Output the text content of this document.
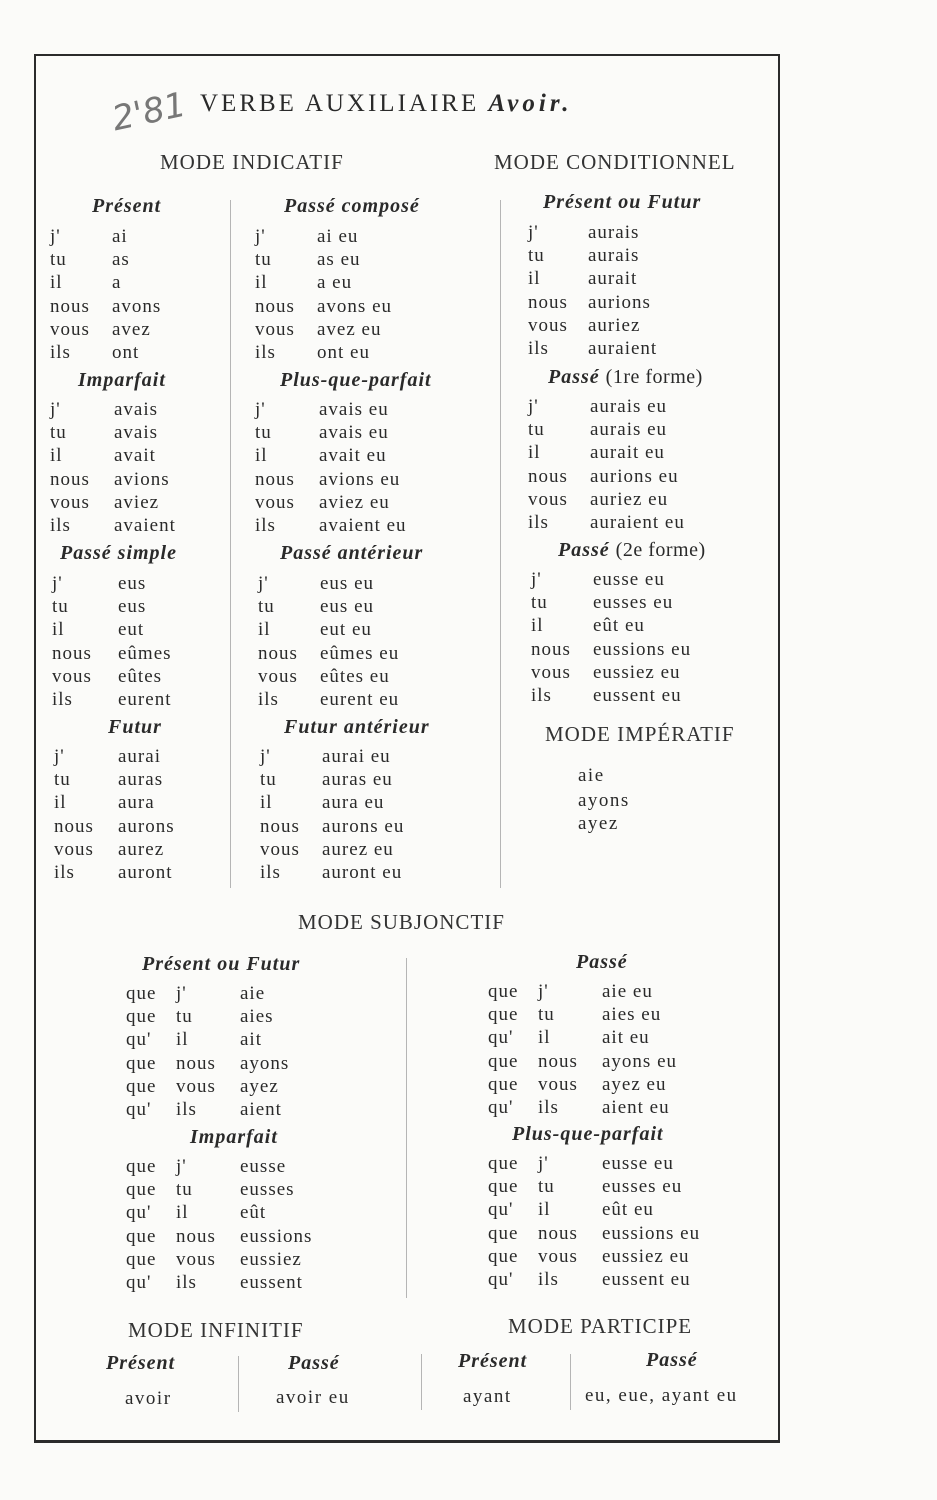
2'81 VERBE AUXILIAIRE Avoir.
MODE INDICATIF	MODE CONDITIONNEL
Présent
Imparfait
Passé simple
Futur
Passé composé
Plus-que-parfait
Passé antérieur
Futur antérieur
Présent ou Futur
Passé (1re forme)
Passé (2e forme)
j'	ai
tu as
il	a
nous avons
vous avez
ils ont
j'	avais
tu avais
il	avait
nous avions
vous aviez
ils avaient
j'	eus
tu	eus
il	eut
nous eûmes
vous eûtes
ils eurent
j'	aurai
tu auras
il	aura
nous aurons
vous aurez
ils auront
j'	ai eu
tu as eu
il	a eu
nous avons eu
vous avez eu
ils ont eu
j'	avais eu
tu avais eu
il	avait eu
nous avions eu
vous aviez eu
ils avaient eu
j'	eus eu
tu eus eu
il	eut eu
nous eûmes eu
vous eûtes eu
ils eurent eu
j'	aurai eu
tu auras eu
il	aura eu
nous aurons eu
vous aurez eu
ils auront eu
j'	aurais
tu aurais
il aurait
nous aurions
vous auriez
ils auraient
j'	aurais eu
tu aurais eu
il	aurait eu
nous aurions eu
vous auriez eu
ils auraient eu
j'	eusse eu
tu eusses eu
il	eût eu
nous eussions eu
vous eussiez eu
ils eussent eu
MODE IMPÉRATIF
aie
ayons
ayez
MODE SUBJONCTIF
Présent ou Futur
Imparfait
Passé
Plus-que-parfait
que j'	aie
que tu aies
qu' il	ait
que nous ayons
que vous ayez
qu' ils aient
que j'	eusse
que tu eusses
qu' il	eût
que nous eussions
que vous eussiez
qu' ils eussent
que j'	aie eu
que tu aies eu
qu' il	ait eu
que nous ayons eu
que vous ayez eu
qu' ils aient eu
que j'	eusse eu
que tu eusses eu
qu' il	eût eu
que nous eussions eu
que vous eussiez eu
qu' ils eussent eu
MODE INFINITIF	MODE PARTICIPE
Présent
avoir
Passé
avoir eu
Présent
ayant
Passé
eu, eue, ayant eu
